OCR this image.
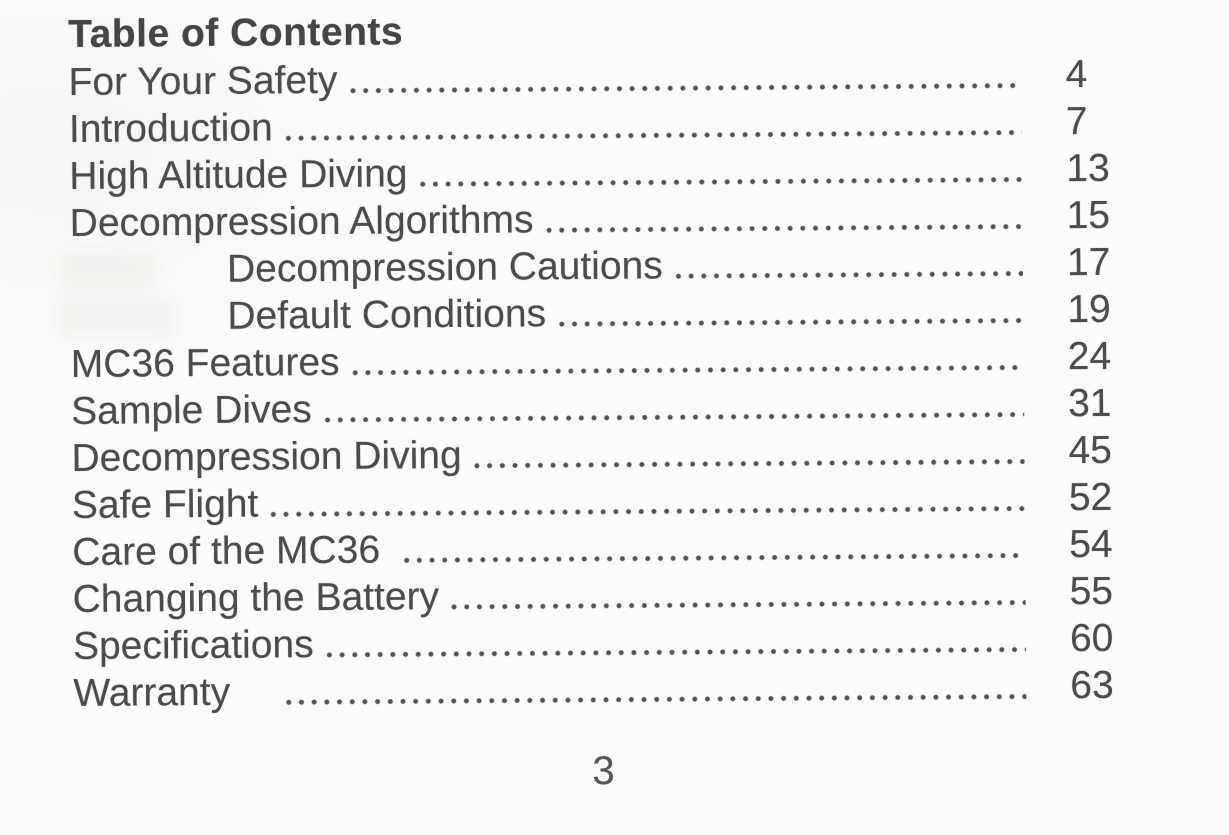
Table of Contents
For Your Safety	4
Introduction	7
High Altitude Diving	13
Decompression Algorithms	15
Decompression Cautions	17
Default Conditions	19
MC36 Features	24
Sample Dives	31
Decompression Diving	45
Safe Flight	52
Care of the MC36	54
Changing the Battery	55
Specifications	60
Warranty	63
3
